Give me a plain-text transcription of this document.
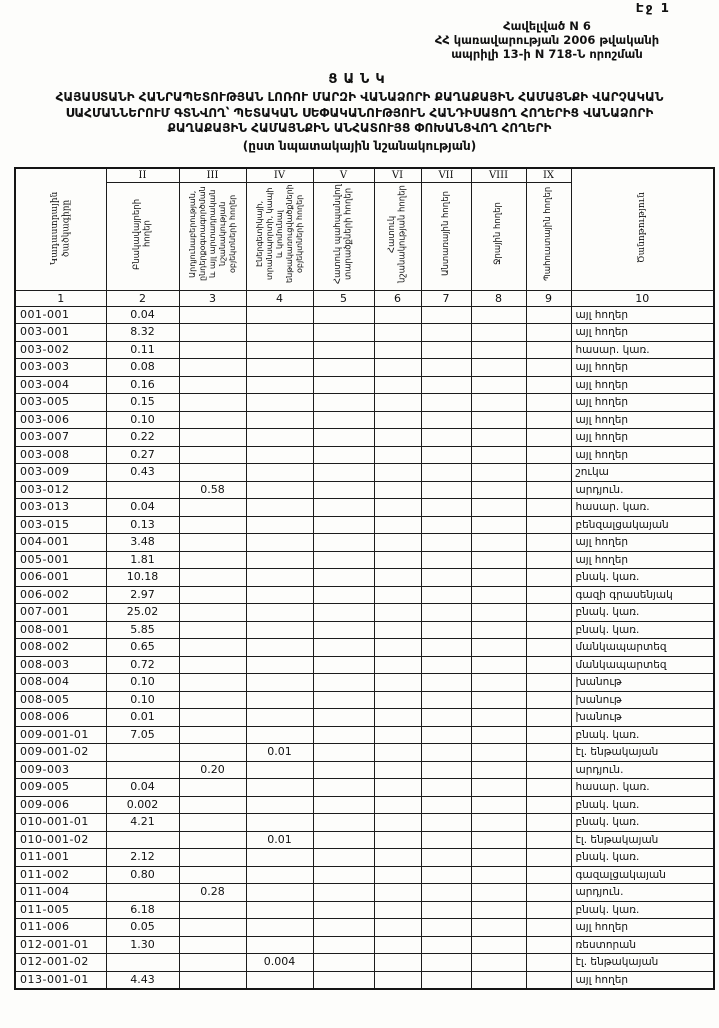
Էջ 1
Հավելված N 6
ՀՀ կառավարության 2006 թվականի
ապրիլի 13-ի N 718-Ն որոշման
ՑԱՆԿ
ՀԱՅԱՍՏԱՆԻ ՀԱՆՐԱՊԵՏՈՒԹՅԱՆ ԼՈՌՈՒ ՄԱՐԶԻ ՎԱՆԱՁՈՐԻ ՔԱՂԱՔԱՅԻՆ ՀԱՄԱՅՆՔԻ ՎԱՐՉԱԿԱՆ
ՍԱՀՄԱՆՆԵՐՈՒՄ ԳՏՆՎՈՂ՝ ՊԵՏԱԿԱՆ ՍԵՓԱԿԱՆՈՒԹՅՈՒՆ ՀԱՆԴԻՍԱՑՈՂ ՀՈՂԵՐԻՑ ՎԱՆԱՁՈՐԻ
ՔԱՂԱՔԱՅԻՆ ՀԱՄԱՅՆՔԻՆ ԱՆՀԱՏՈՒՅՑ ՓՈԽԱՆՑՎՈՂ ՀՈՂԵՐԻ
(ըստ նպատակային նշանակության)
Կադաստրային ծածկագիրը	II	III	IV	V	VI	VII	VIII	IX	Ծանոթություն
	Բնակավայրերի հողեր	Արդյունաբերության, ընդերքօգտագործման և այլ արտադրական նշանակության օբյեկտների հողեր	Էներգետիկայի, տրանսպորտի, կապի և կոմունալ ենթակառուցվածքների օբյեկտների հողեր	Հատուկ պահպանվող տարածքների հողեր	Հատուկ նշանակության հողեր	Անտառային հողեր	Ջրային հողեր	Պահուստային հողեր	
1	2	3	4	5	6	7	8	9	10
001-001	0.04								այլ հողեր
003-001	8.32								այլ հողեր
003-002	0.11								հասար. կառ.
003-003	0.08								այլ հողեր
003-004	0.16								այլ հողեր
003-005	0.15								այլ հողեր
003-006	0.10								այլ հողեր
003-007	0.22								այլ հողեր
003-008	0.27								այլ հողեր
003-009	0.43								շուկա
003-012		0.58							արդյուն.
003-013	0.04								հասար. կառ.
003-015	0.13								բենզալցակայան
004-001	3.48								այլ հողեր
005-001	1.81								այլ հողեր
006-001	10.18								բնակ. կառ.
006-002	2.97								գազի գրասենյակ
007-001	25.02								բնակ. կառ.
008-001	5.85								բնակ. կառ.
008-002	0.65								մանկապարտեզ
008-003	0.72								մանկապարտեզ
008-004	0.10								խանութ
008-005	0.10								խանութ
008-006	0.01								խանութ
009-001-01	7.05								բնակ. կառ.
009-001-02			0.01						էլ. ենթակայան
009-003		0.20							արդյուն.
009-005	0.04								հասար. կառ.
009-006	0.002								բնակ. կառ.
010-001-01	4.21								բնակ. կառ.
010-001-02			0.01						էլ. ենթակայան
011-001	2.12								բնակ. կառ.
011-002	0.80								գազալցակայան
011-004		0.28							արդյուն.
011-005	6.18								բնակ. կառ.
011-006	0.05								այլ հողեր
012-001-01	1.30								ռեստորան
012-001-02			0.004						էլ. ենթակայան
013-001-01	4.43								այլ հողեր
